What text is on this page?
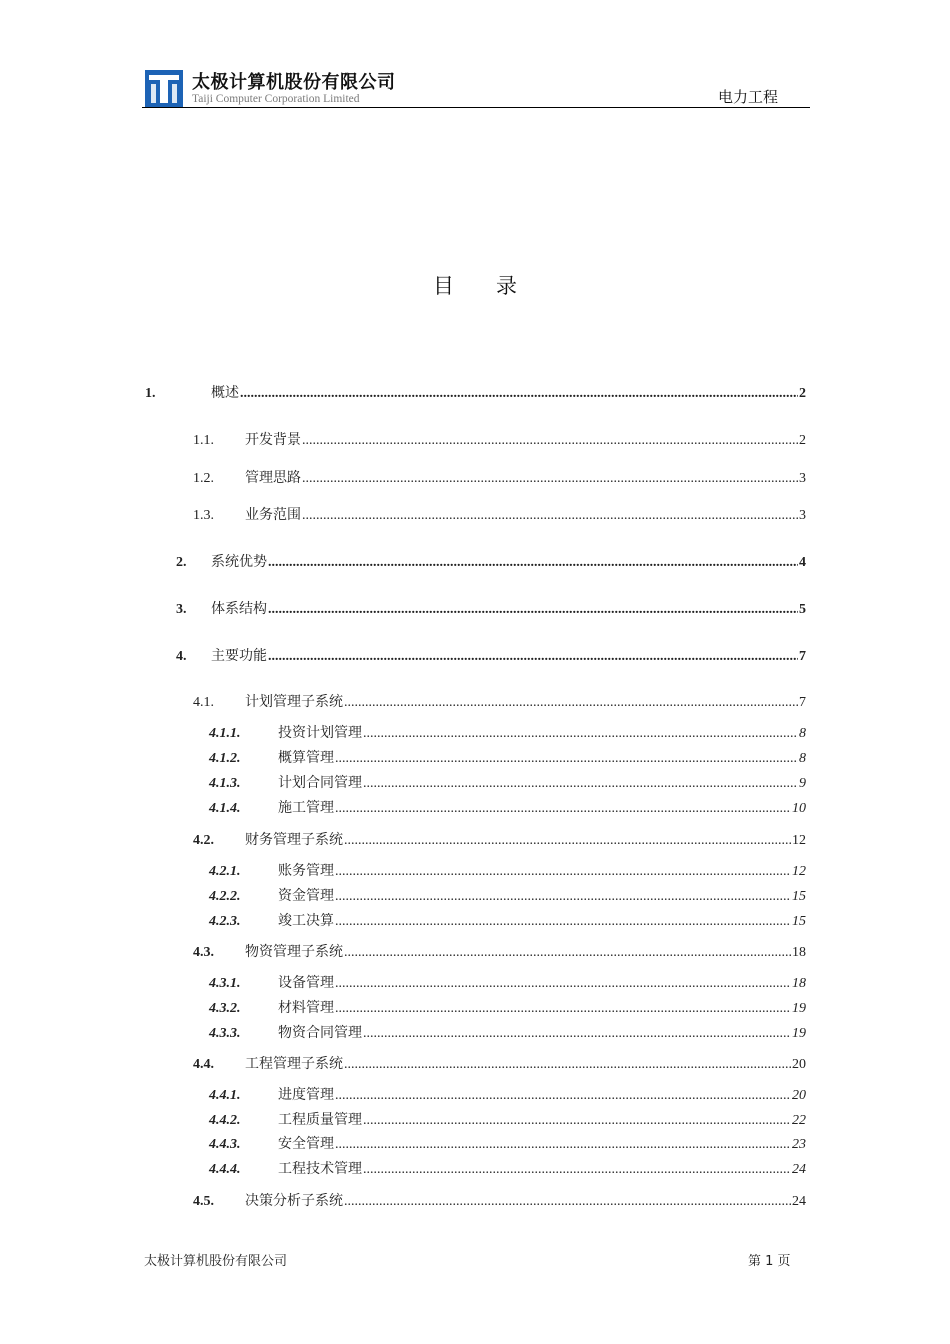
太极计算机股份有限公司
Taiji Computer Corporation Limited	电力工程
目 录
1.	概述 .....	2
1.1.	开发背景 .....	2
1.2.	管理思路 .....	3
1.3.	业务范围 .....	3
2.	系统优势 .....	4
3.	体系结构 .....	5
4.	主要功能 .....	7
4.1.	计划管理子系统 .....	7
4.1.1.	投资计划管理 .....	8
4.1.2.	概算管理 .....	8
4.1.3.	计划合同管理 .....	9
4.1.4.	施工管理 .....	10
4.2.	财务管理子系统 .....	12
4.2.1.	账务管理 .....	12
4.2.2.	资金管理 .....	15
4.2.3.	竣工决算 .....	15
4.3.	物资管理子系统 .....	18
4.3.1.	设备管理 .....	18
4.3.2.	材料管理 .....	19
4.3.3.	物资合同管理 .....	19
4.4.	工程管理子系统 .....	20
4.4.1.	进度管理 .....	20
4.4.2.	工程质量管理 .....	22
4.4.3.	安全管理 .....	23
4.4.4.	工程技术管理 .....	24
4.5.	决策分析子系统 .....	24
太极计算机股份有限公司	第 1 页
